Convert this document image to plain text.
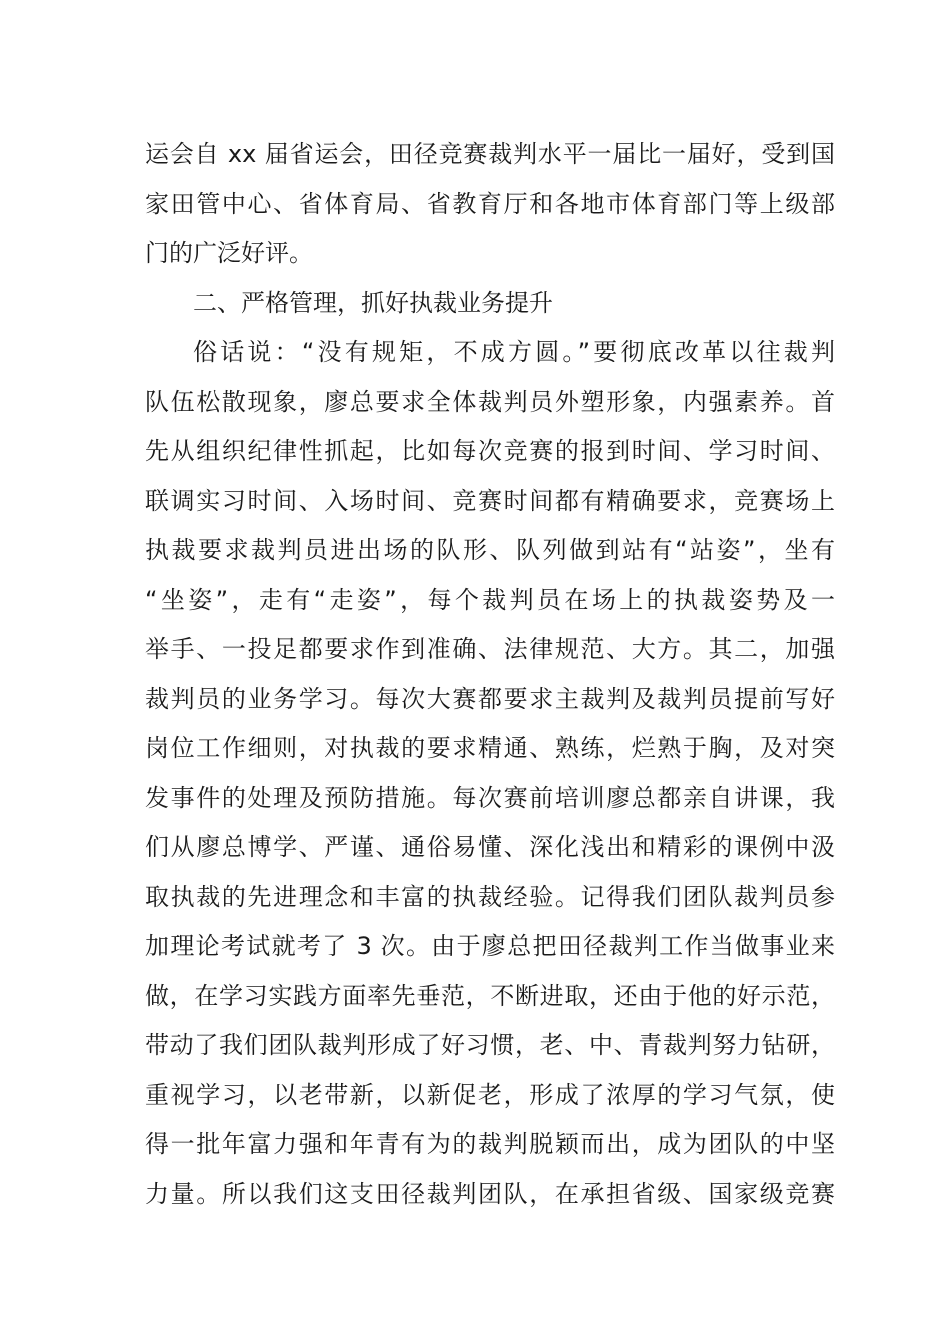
运会自 xx 届省运会，田径竞赛裁判水平一届比一届好，受到国
家田管中心、省体育局、省教育厅和各地市体育部门等上级部
门的广泛好评。
二、严格管理，抓好执裁业务提升
俗话说：“没有规矩，不成方圆。”要彻底改革以往裁判
队伍松散现象，廖总要求全体裁判员外塑形象，内强素养。首
先从组织纪律性抓起，比如每次竞赛的报到时间、学习时间、
联调实习时间、入场时间、竞赛时间都有精确要求，竞赛场上
执裁要求裁判员进出场的队形、队列做到站有“站姿”，坐有
“坐姿”，走有“走姿”，每个裁判员在场上的执裁姿势及一
举手、一投足都要求作到准确、法律规范、大方。其二，加强
裁判员的业务学习。每次大赛都要求主裁判及裁判员提前写好
岗位工作细则，对执裁的要求精通、熟练，烂熟于胸，及对突
发事件的处理及预防措施。每次赛前培训廖总都亲自讲课，我
们从廖总博学、严谨、通俗易懂、深化浅出和精彩的课例中汲
取执裁的先进理念和丰富的执裁经验。记得我们团队裁判员参
加理论考试就考了 3 次。由于廖总把田径裁判工作当做事业来
做，在学习实践方面率先垂范，不断进取，还由于他的好示范，
带动了我们团队裁判形成了好习惯，老、中、青裁判努力钻研，
重视学习，以老带新，以新促老，形成了浓厚的学习气氛，使
得一批年富力强和年青有为的裁判脱颖而出，成为团队的中坚
力量。所以我们这支田径裁判团队，在承担省级、国家级竞赛
